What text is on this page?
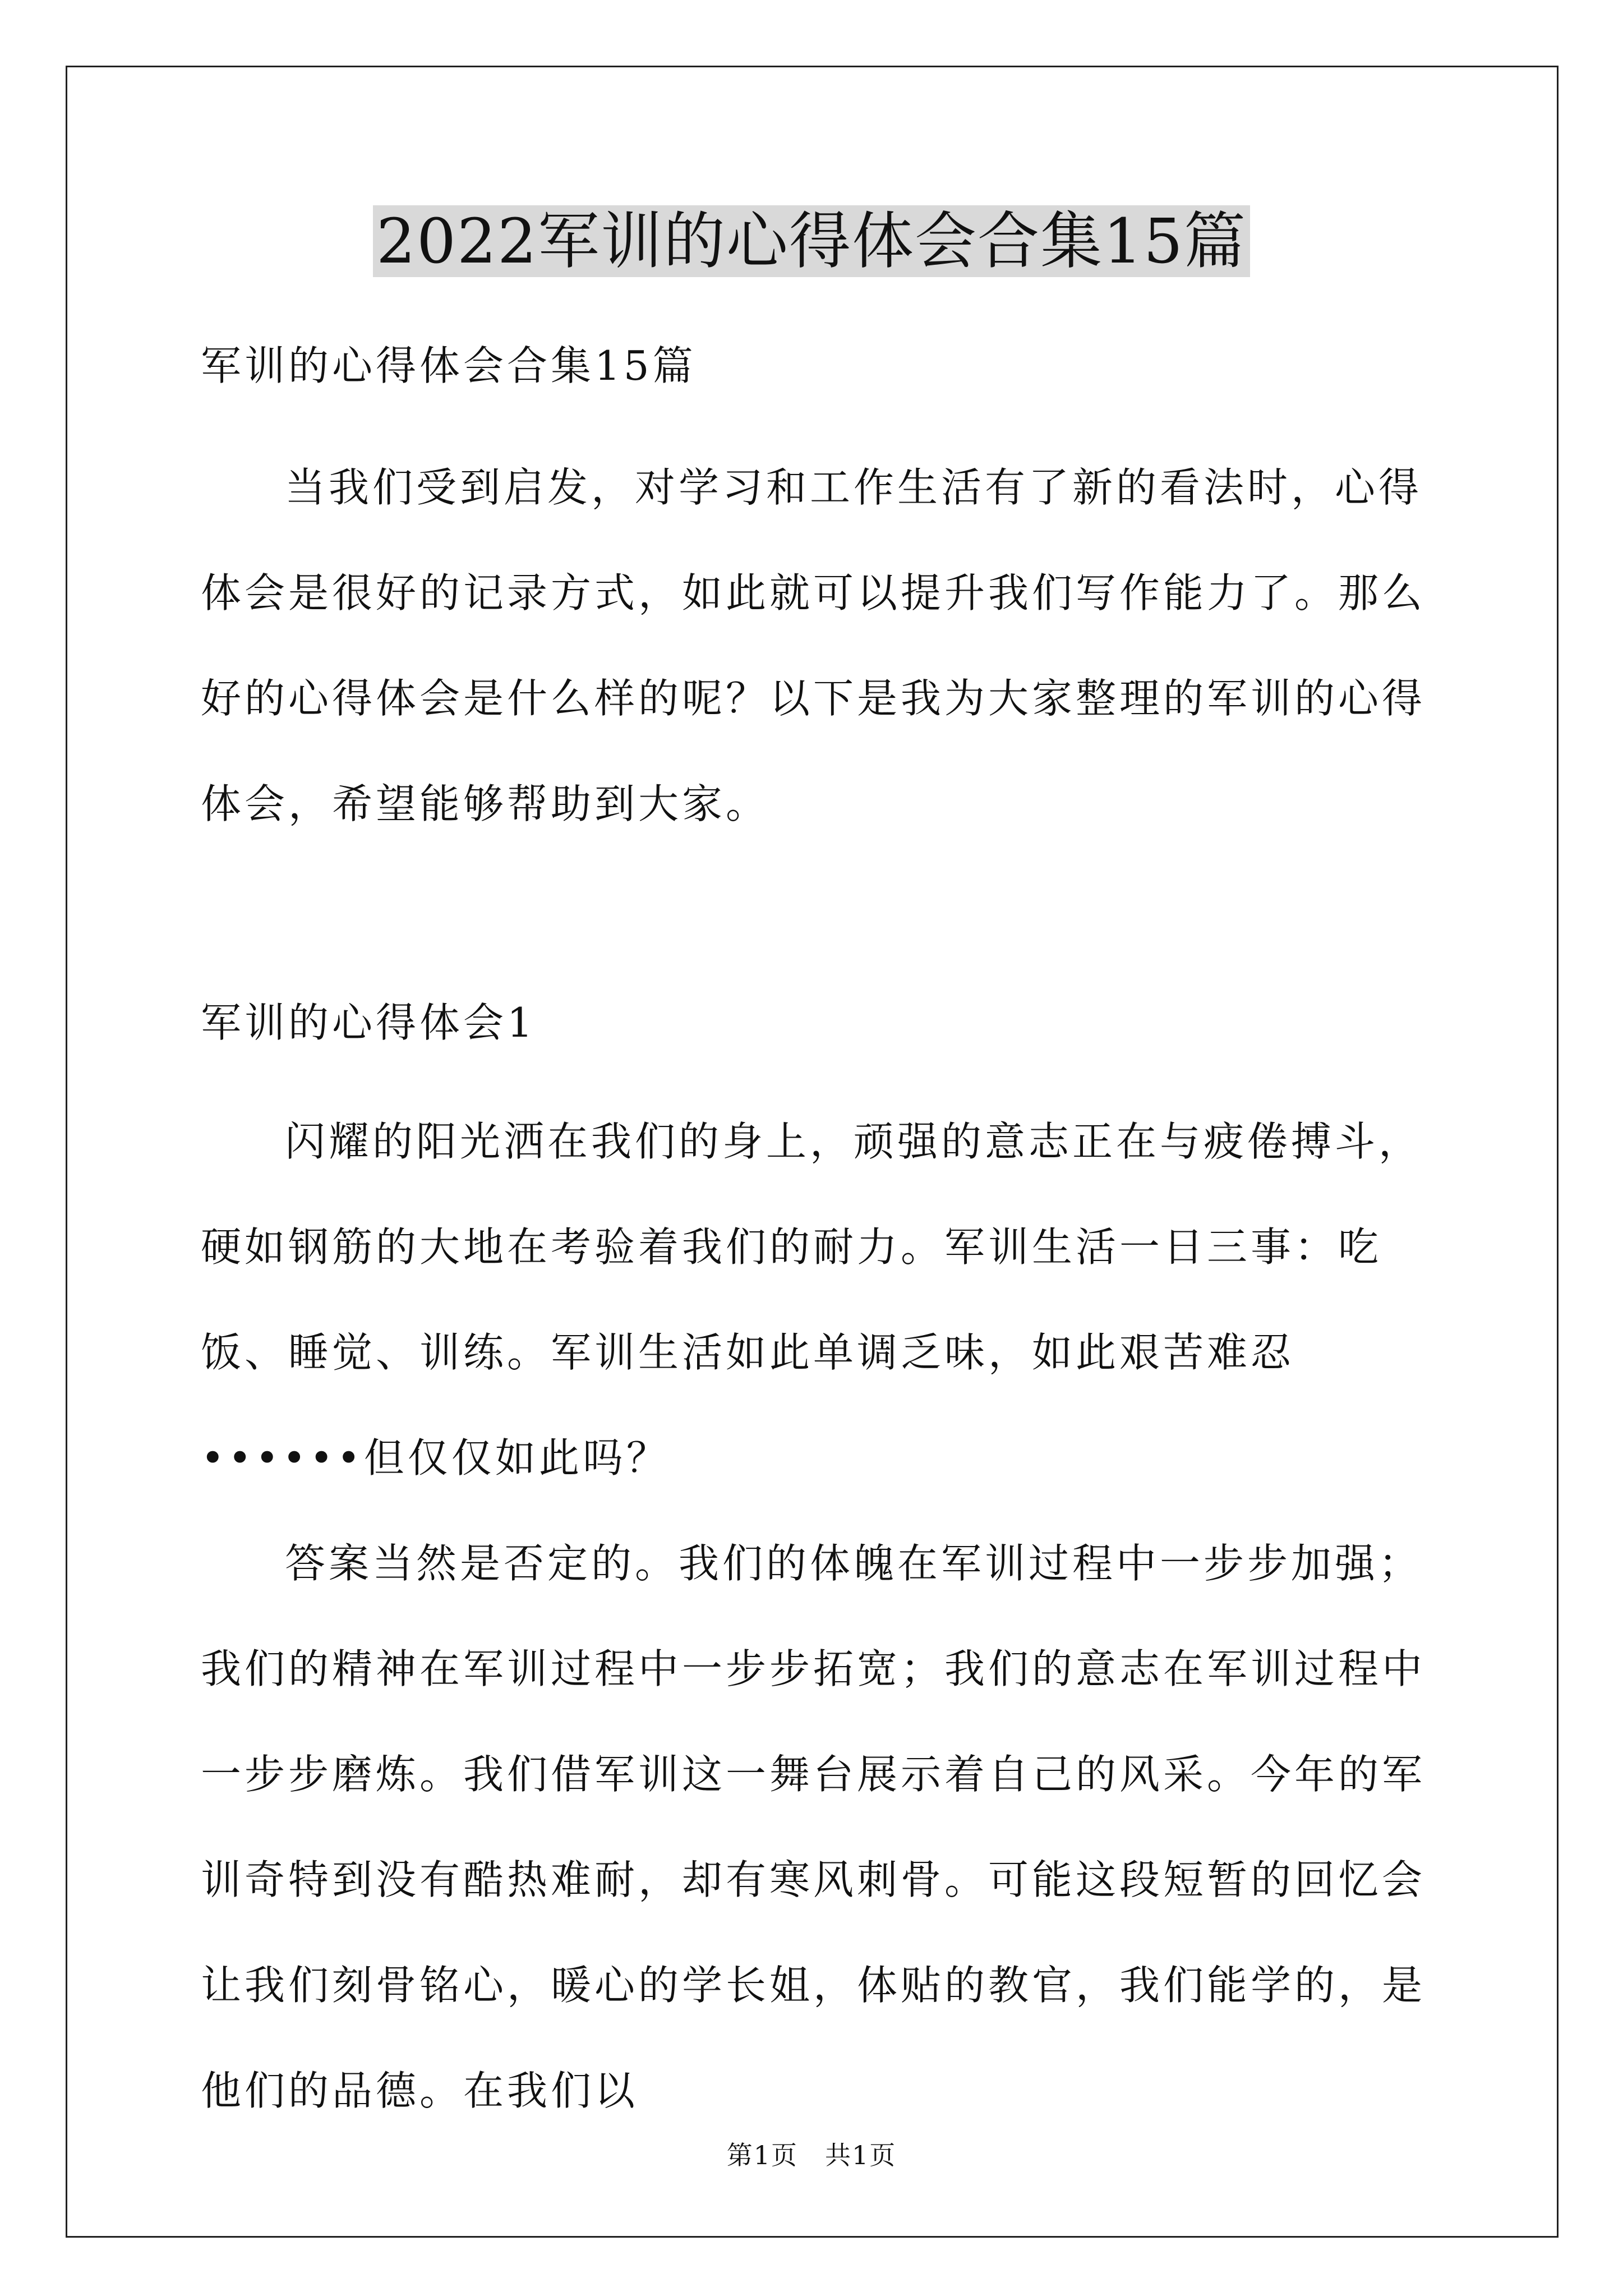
2022军训的心得体会合集15篇

军训的心得体会合集15篇

当我们受到启发，对学习和工作生活有了新的看法时，心得体会是很好的记录方式，如此就可以提升我们写作能力了。那么好的心得体会是什么样的呢？以下是我为大家整理的军训的心得体会，希望能够帮助到大家。

军训的心得体会1

闪耀的阳光洒在我们的身上，顽强的意志正在与疲倦搏斗，硬如钢筋的大地在考验着我们的耐力。军训生活一日三事：吃饭、睡觉、训练。军训生活如此单调乏味，如此艰苦难忍••••••但仅仅如此吗？

答案当然是否定的。我们的体魄在军训过程中一步步加强；我们的精神在军训过程中一步步拓宽；我们的意志在军训过程中一步步磨炼。我们借军训这一舞台展示着自己的风采。今年的军训奇特到没有酷热难耐，却有寒风刺骨。可能这段短暂的回忆会让我们刻骨铭心，暖心的学长姐，体贴的教官，我们能学的，是他们的品德。在我们以

第1页　共1页
